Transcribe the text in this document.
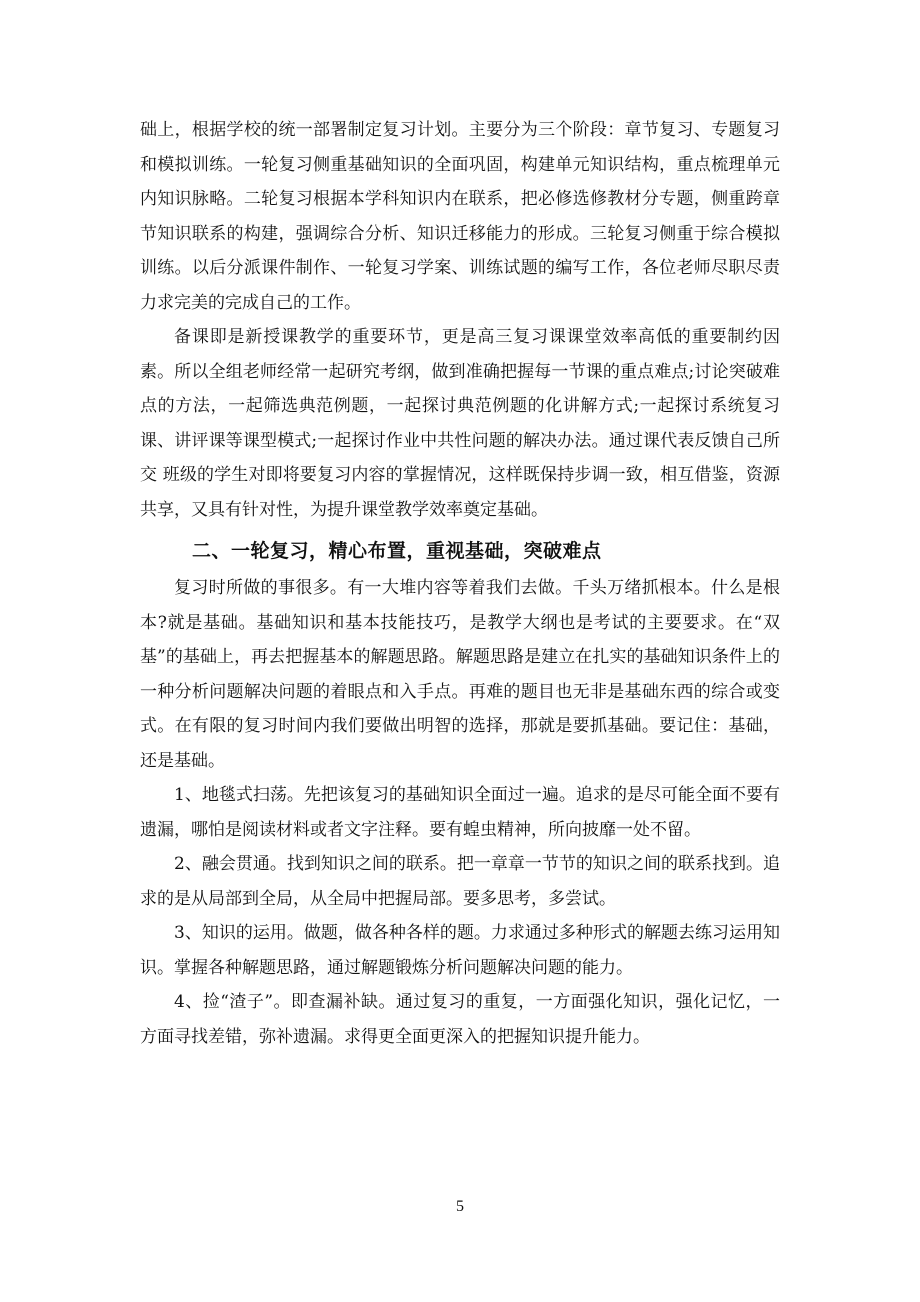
础上，根据学校的统一部署制定复习计划。主要分为三个阶段：章节复习、专题复习和模拟训练。一轮复习侧重基础知识的全面巩固，构建单元知识结构，重点梳理单元内知识脉略。二轮复习根据本学科知识内在联系，把必修选修教材分专题，侧重跨章节知识联系的构建，强调综合分析、知识迁移能力的形成。三轮复习侧重于综合模拟训练。以后分派课件制作、一轮复习学案、训练试题的编写工作，各位老师尽职尽责力求完美的完成自己的工作。

备课即是新授课教学的重要环节，更是高三复习课课堂效率高低的重要制约因素。所以全组老师经常一起研究考纲，做到准确把握每一节课的重点难点;讨论突破难点的方法，一起筛选典范例题，一起探讨典范例题的化讲解方式;一起探讨系统复习课、讲评课等课型模式;一起探讨作业中共性问题的解决办法。通过课代表反馈自己所交 班级的学生对即将要复习内容的掌握情况，这样既保持步调一致，相互借鉴，资源共享，又具有针对性，为提升课堂教学效率奠定基础。

二、一轮复习，精心布置，重视基础，突破难点

复习时所做的事很多。有一大堆内容等着我们去做。千头万绪抓根本。什么是根本?就是基础。基础知识和基本技能技巧，是教学大纲也是考试的主要要求。在“双基”的基础上，再去把握基本的解题思路。解题思路是建立在扎实的基础知识条件上的一种分析问题解决问题的着眼点和入手点。再难的题目也无非是基础东西的综合或变式。在有限的复习时间内我们要做出明智的选择，那就是要抓基础。要记住：基础，还是基础。

1、地毯式扫荡。先把该复习的基础知识全面过一遍。追求的是尽可能全面不要有遗漏，哪怕是阅读材料或者文字注释。要有蝗虫精神，所向披靡一处不留。

2、融会贯通。找到知识之间的联系。把一章章一节节的知识之间的联系找到。追求的是从局部到全局，从全局中把握局部。要多思考，多尝试。

3、知识的运用。做题，做各种各样的题。力求通过多种形式的解题去练习运用知识。掌握各种解题思路，通过解题锻炼分析问题解决问题的能力。

4、捡“渣子”。即查漏补缺。通过复习的重复，一方面强化知识，强化记忆，一方面寻找差错，弥补遗漏。求得更全面更深入的把握知识提升能力。

5
